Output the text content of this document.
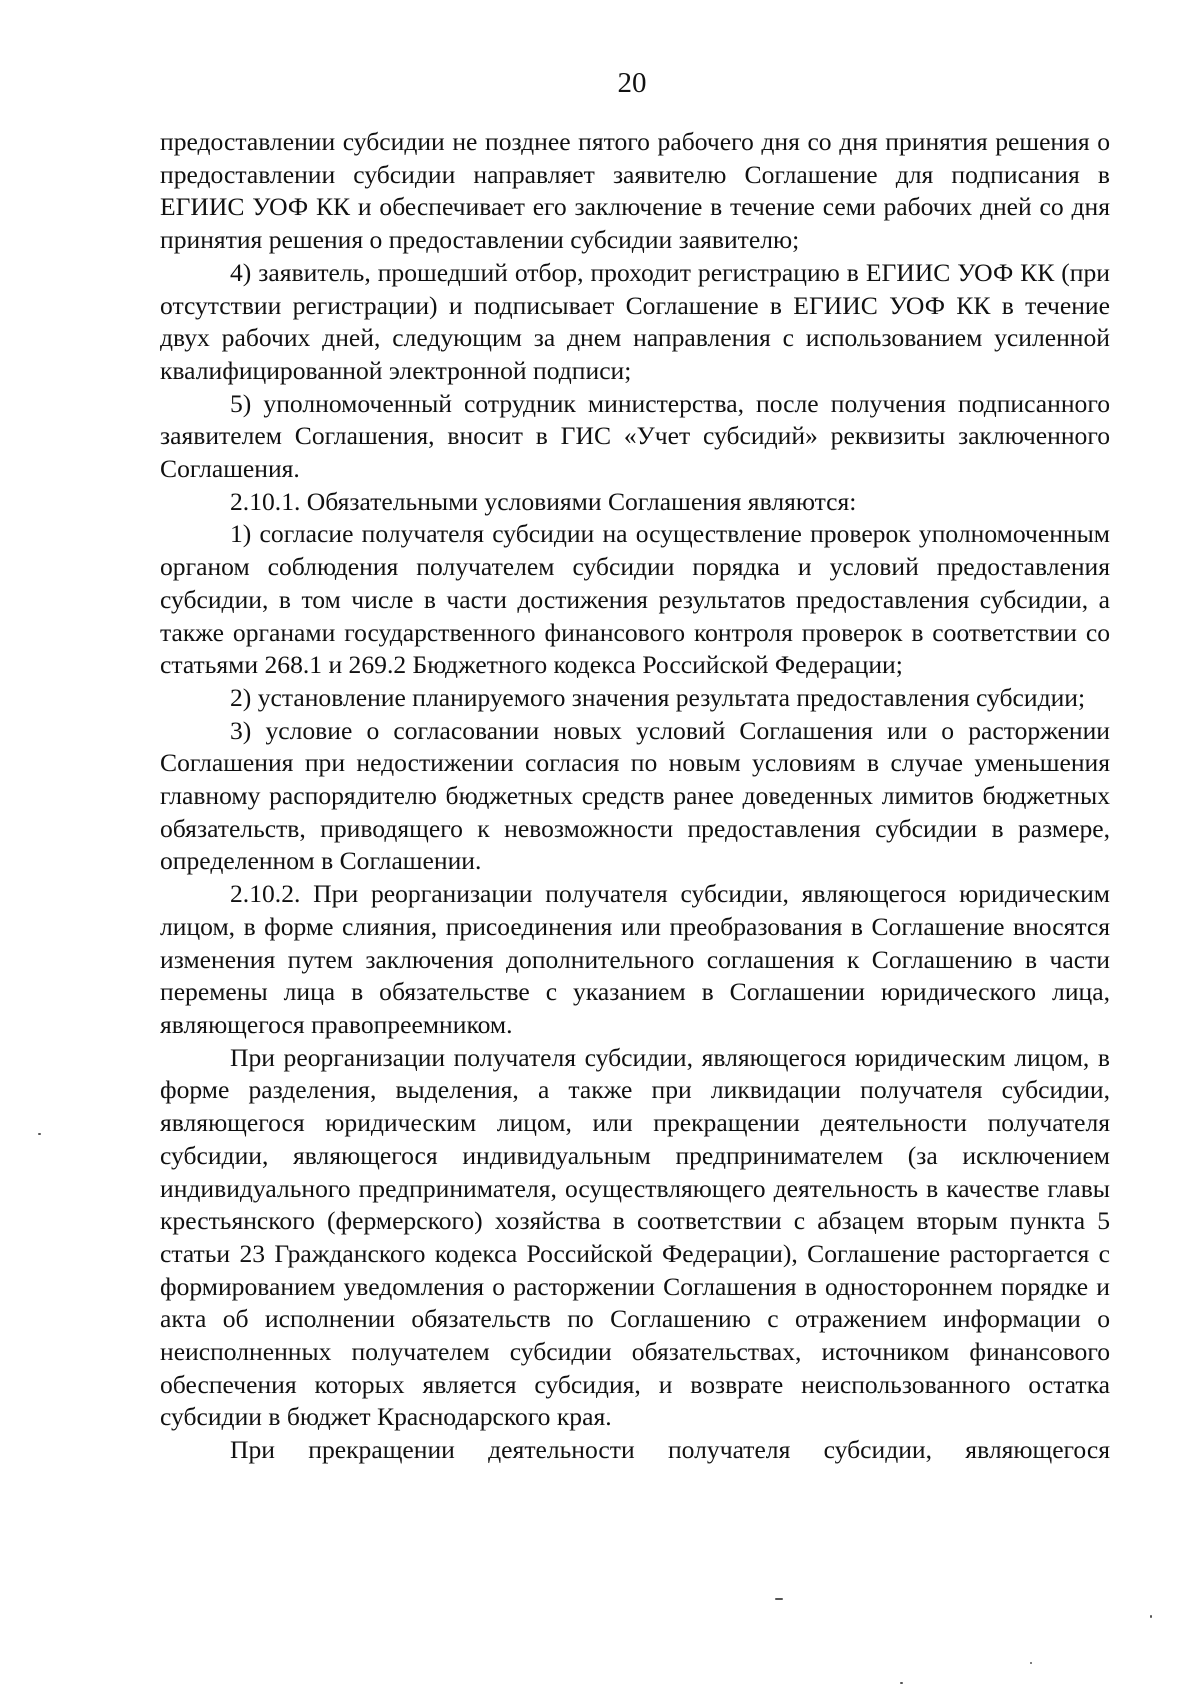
20

предоставлении субсидии не позднее пятого рабочего дня со дня принятия решения о предоставлении субсидии направляет заявителю Соглашение для подписания в ЕГИИС УОФ КК и обеспечивает его заключение в течение семи рабочих дней со дня принятия решения о предоставлении субсидии заявителю;

4) заявитель, прошедший отбор, проходит регистрацию в ЕГИИС УОФ КК (при отсутствии регистрации) и подписывает Соглашение в ЕГИИС УОФ КК в течение двух рабочих дней, следующим за днем направления с использованием усиленной квалифицированной электронной подписи;

5) уполномоченный сотрудник министерства, после получения подписанного заявителем Соглашения, вносит в ГИС «Учет субсидий» реквизиты заключенного Соглашения.

2.10.1. Обязательными условиями Соглашения являются:

1) согласие получателя субсидии на осуществление проверок уполномоченным органом соблюдения получателем субсидии порядка и условий предоставления субсидии, в том числе в части достижения результатов предоставления субсидии, а также органами государственного финансового контроля проверок в соответствии со статьями 268.1 и 269.2 Бюджетного кодекса Российской Федерации;

2) установление планируемого значения результата предоставления субсидии;

3) условие о согласовании новых условий Соглашения или о расторжении Соглашения при недостижении согласия по новым условиям в случае уменьшения главному распорядителю бюджетных средств ранее доведенных лимитов бюджетных обязательств, приводящего к невозможности предоставления субсидии в размере, определенном в Соглашении.

2.10.2. При реорганизации получателя субсидии, являющегося юридическим лицом, в форме слияния, присоединения или преобразования в Соглашение вносятся изменения путем заключения дополнительного соглашения к Соглашению в части перемены лица в обязательстве с указанием в Соглашении юридического лица, являющегося правопреемником.

При реорганизации получателя субсидии, являющегося юридическим лицом, в форме разделения, выделения, а также при ликвидации получателя субсидии, являющегося юридическим лицом, или прекращении деятельности получателя субсидии, являющегося индивидуальным предпринимателем (за исключением индивидуального предпринимателя, осуществляющего деятельность в качестве главы крестьянского (фермерского) хозяйства в соответствии с абзацем вторым пункта 5 статьи 23 Гражданского кодекса Российской Федерации), Соглашение расторгается с формированием уведомления о расторжении Соглашения в одностороннем порядке и акта об исполнении обязательств по Соглашению с отражением информации о неисполненных получателем субсидии обязательствах, источником финансового обеспечения которых является субсидия, и возврате неиспользованного остатка субсидии в бюджет Краснодарского края.

При прекращении деятельности получателя субсидии, являющегося
